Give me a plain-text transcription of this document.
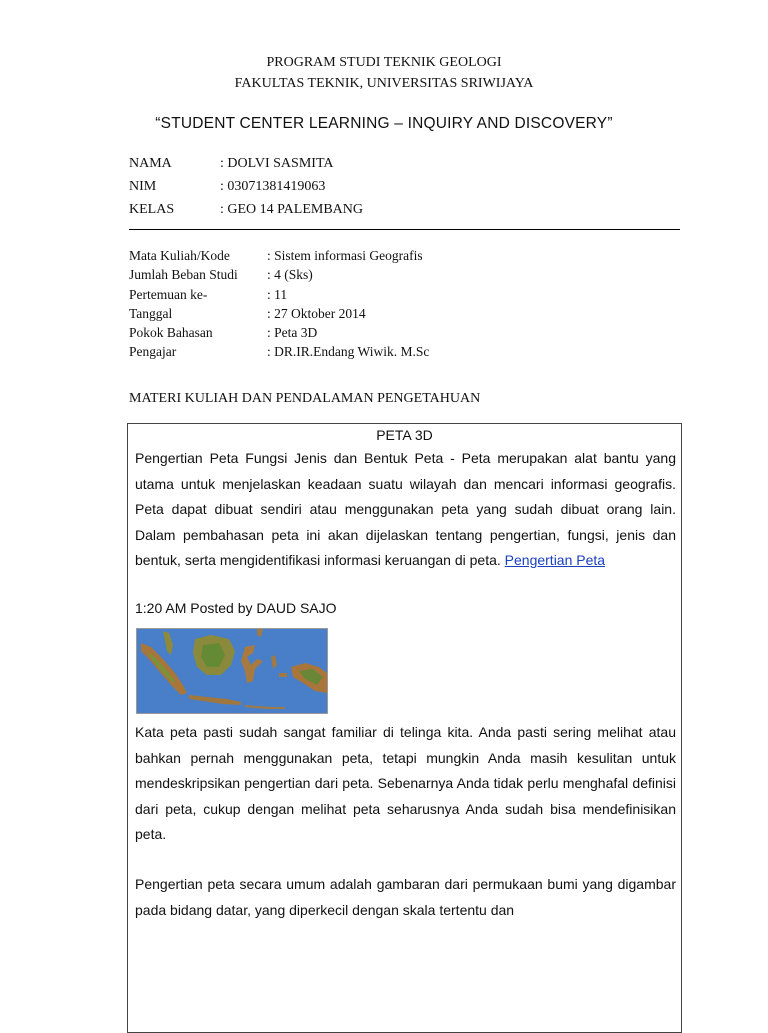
PROGRAM STUDI TEKNIK GEOLOGI
FAKULTAS TEKNIK, UNIVERSITAS SRIWIJAYA
“STUDENT CENTER LEARNING – INQUIRY AND DISCOVERY”
NAMA	: DOLVI SASMITA
NIM	: 03071381419063
KELAS	: GEO 14 PALEMBANG
Mata Kuliah/Kode	: Sistem informasi Geografis
Jumlah Beban Studi : 4 (Sks)
Pertemuan ke-	: 11
Tanggal	: 27 Oktober 2014
Pokok Bahasan	: Peta 3D
Pengajar	: DR.IR.Endang Wiwik. M.Sc
MATERI KULIAH DAN PENDALAMAN PENGETAHUAN
PETA 3D
Pengertian Peta Fungsi Jenis dan Bentuk Peta - Peta merupakan alat bantu yang utama untuk menjelaskan keadaan suatu wilayah dan mencari informasi geografis. Peta dapat dibuat sendiri atau menggunakan peta yang sudah dibuat orang lain. Dalam pembahasan peta ini akan dijelaskan tentang pengertian, fungsi, jenis dan bentuk, serta mengidentifikasi informasi keruangan di peta. Pengertian Peta
1:20 AM Posted by DAUD SAJO
Kata peta pasti sudah sangat familiar di telinga kita. Anda pasti sering melihat atau bahkan pernah menggunakan peta, tetapi mungkin Anda masih kesulitan untuk mendeskripsikan pengertian dari peta. Sebenarnya Anda tidak perlu menghafal definisi dari peta, cukup dengan melihat peta seharusnya Anda sudah bisa mendefinisikan peta.
Pengertian peta secara umum adalah gambaran dari permukaan bumi yang digambar pada bidang datar, yang diperkecil dengan skala tertentu dan
